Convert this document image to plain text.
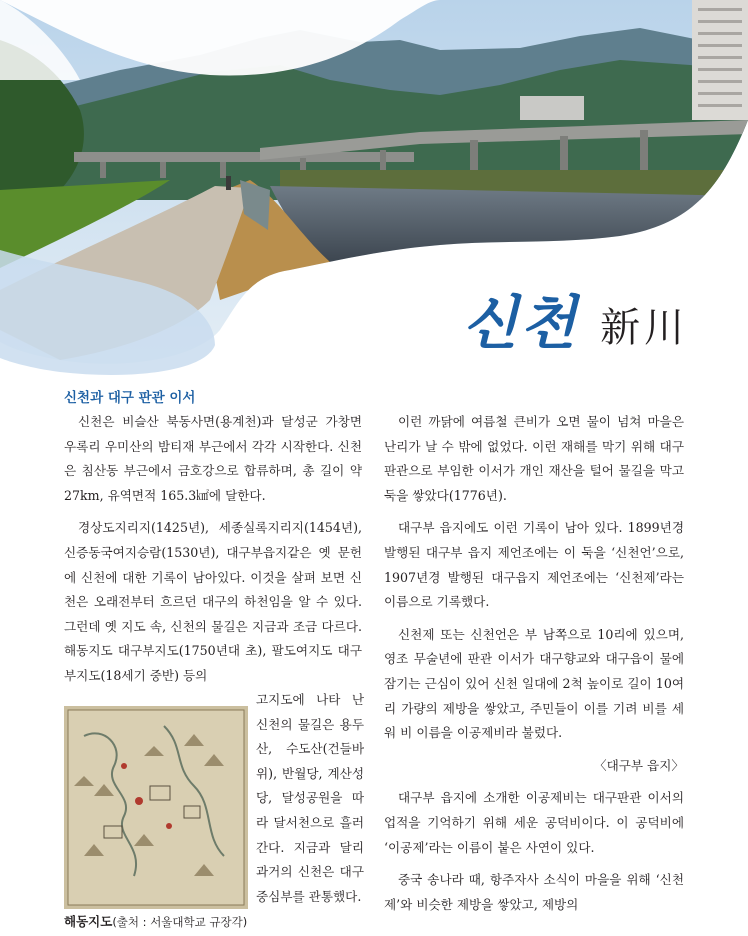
신천 新川
신천과 대구 판관 이서

신천은 비슬산 북동사면(용계천)과 달성군 가창면 우록리 우미산의 밤티재 부근에서 각각 시작한다. 신천은 침산동 부근에서 금호강으로 합류하며, 총 길이 약 27km, 유역면적 165.3㎢에 달한다.

경상도지리지(1425년), 세종실록지리지(1454년), 신증동국여지승람(1530년), 대구부읍지같은 옛 문헌에 신천에 대한 기록이 남아있다. 이것을 살펴 보면 신천은 오래전부터 흐르던 대구의 하천임을 알 수 있다. 그런데 옛 지도 속, 신천의 물길은 지금과 조금 다르다. 해동지도 대구부지도(1750년대 초), 팔도여지도 대구부지도(18세기 중반) 등의

고지도에 나타 난 신천의 물길은 용두산, 수도산(건들바위), 반월당, 계산성당, 달성공원을 따라 달서천으로 흘러간다. 지금과 달리 과거의 신천은 대구 중심부를 관통했다.
해동지도(출처 : 서울대학교 규장각)

이런 까닭에 여름철 큰비가 오면 물이 넘쳐 마을은 난리가 날 수 밖에 없었다. 이런 재해를 막기 위해 대구 판관으로 부임한 이서가 개인 재산을 털어 물길을 막고 둑을 쌓았다(1776년).

대구부 읍지에도 이런 기록이 남아 있다. 1899년경 발행된 대구부 읍지 제언조에는 이 둑을 ‘신천언’으로, 1907년경 발행된 대구읍지 제언조에는 ‘신천제’라는 이름으로 기록했다.

신천제 또는 신천언은 부 남쪽으로 10리에 있으며, 영조 무술년에 판관 이서가 대구향교와 대구읍이 물에 잠기는 근심이 있어 신천 일대에 2척 높이로 길이 10여리 가량의 제방을 쌓았고, 주민들이 이를 기려 비를 세워 비 이름을 이공제비라 불렀다.

〈대구부 읍지〉

대구부 읍지에 소개한 이공제비는 대구판관 이서의 업적을 기억하기 위해 세운 공덕비이다. 이 공덕비에 ‘이공제’라는 이름이 붙은 사연이 있다.

중국 송나라 때, 항주자사 소식이 마을을 위해 ‘신천제’와 비슷한 제방을 쌓았고, 제방의
